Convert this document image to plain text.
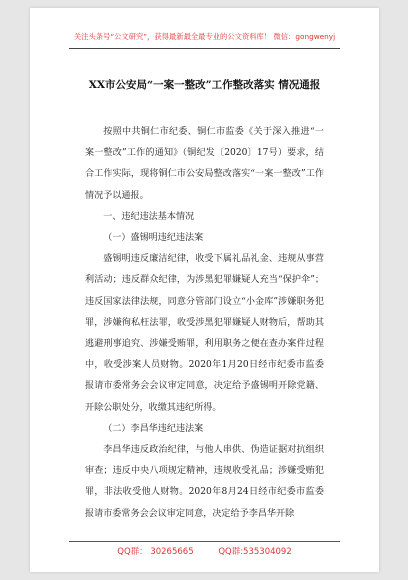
关注头条号“公文研究”，获得最新最全最专业的公文资料库！ 微信：gongwenyj
XX市公安局“一案一整改”工作整改落实 情况通报

按照中共铜仁市纪委、铜仁市监委《关于深入推进“一案一整改”工作的通知》（铜纪发〔2020〕17号）要求，结合工作实际，现将铜仁市公安局整改落实“一案一整改”工作情况予以通报。

一、违纪违法基本情况

（一）盛锡明违纪违法案

盛锡明违反廉洁纪律，收受下属礼品礼金、违规从事营利活动；违反群众纪律，为涉黑犯罪嫌疑人充当“保护伞”；违反国家法律法规，同意分管部门设立“小金库”涉嫌职务犯罪，涉嫌徇私枉法罪，收受涉黑犯罪嫌疑人财物后，帮助其逃避刑事追究、涉嫌受贿罪，利用职务之便在查办案件过程中，收受涉案人员财物。2020年1月20日经市纪委市监委报请市委常务会会议审定同意，决定给予盛锡明开除党籍、开除公职处分，收缴其违纪所得。

（二）李昌华违纪违法案

李昌华违反政治纪律，与他人串供、伪造证据对抗组织审查；违反中央八项规定精神，违规收受礼品；涉嫌受贿犯罪，非法收受他人财物。2020年8月24日经市纪委市监委报请市委常务会会议审定同意，决定给予李昌华开除

QQ群： 30265665	QQ群:535304092
